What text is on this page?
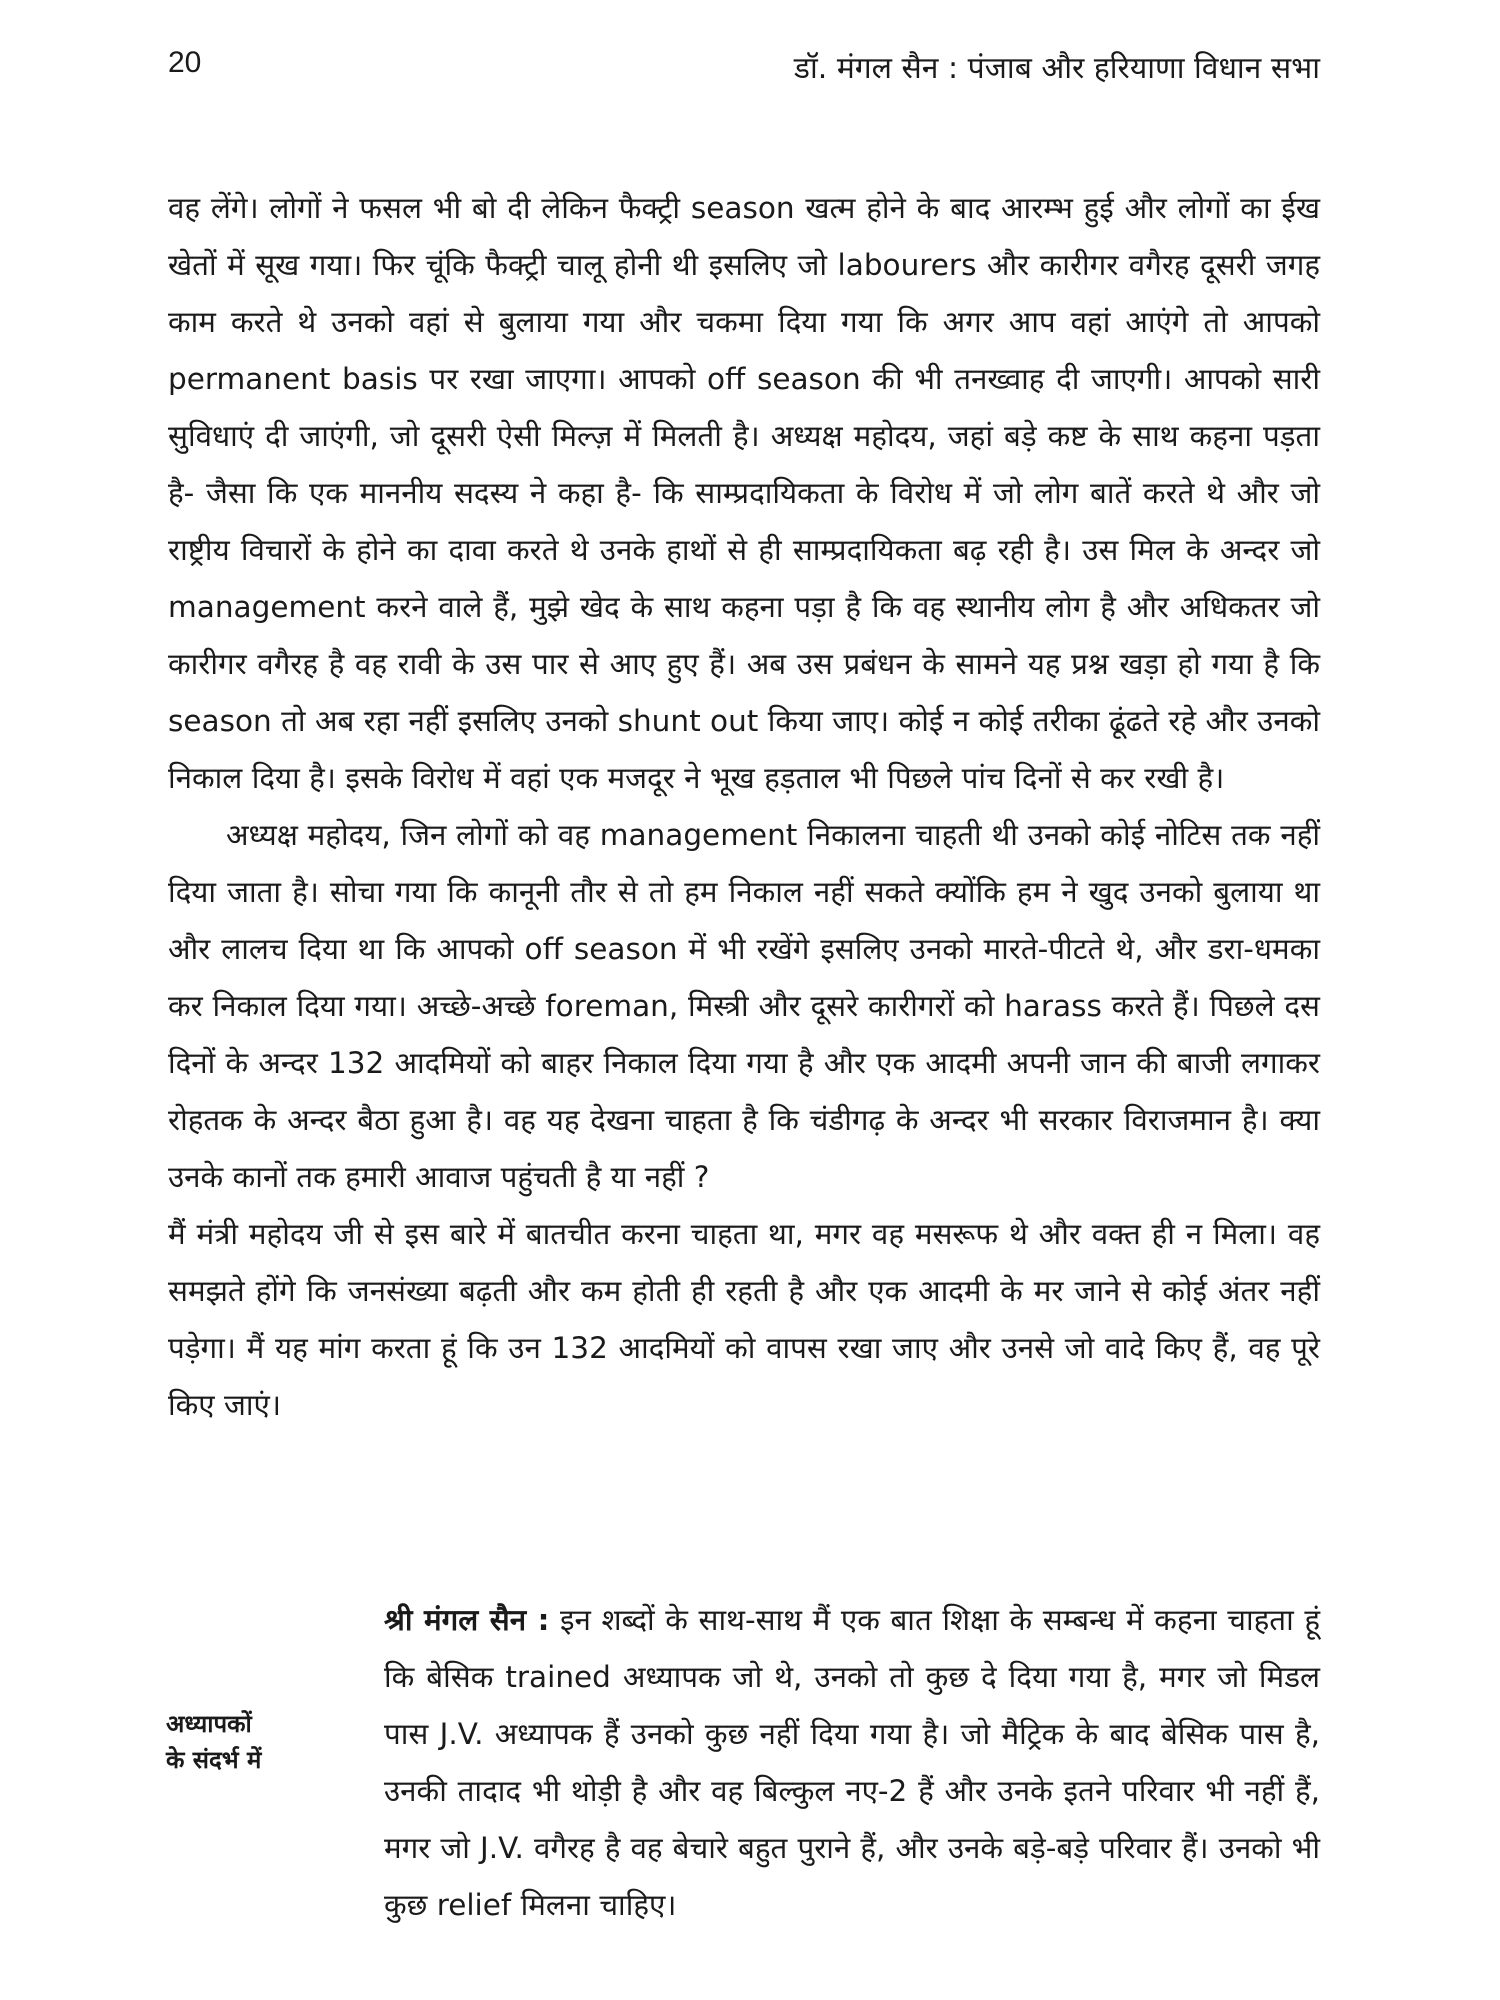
20	डॉ. मंगल सैन : पंजाब और हरियाणा विधान सभा

वह लेंगे। लोगों ने फसल भी बो दी लेकिन फैक्ट्री season खत्म होने के बाद आरम्भ हुई और लोगों का ईख खेतों में सूख गया। फिर चूंकि फैक्ट्री चालू होनी थी इसलिए जो labourers और कारीगर वगैरह दूसरी जगह काम करते थे उनको वहां से बुलाया गया और चकमा दिया गया कि अगर आप वहां आएंगे तो आपको permanent basis पर रखा जाएगा। आपको off season की भी तनख्वाह दी जाएगी। आपको सारी सुविधाएं दी जाएंगी, जो दूसरी ऐसी मिल्ज़ में मिलती है। अध्यक्ष महोदय, जहां बड़े कष्ट के साथ कहना पड़ता है- जैसा कि एक माननीय सदस्य ने कहा है- कि साम्प्रदायिकता के विरोध में जो लोग बातें करते थे और जो राष्ट्रीय विचारों के होने का दावा करते थे उनके हाथों से ही साम्प्रदायिकता बढ़ रही है। उस मिल के अन्दर जो management करने वाले हैं, मुझे खेद के साथ कहना पड़ा है कि वह स्थानीय लोग है और अधिकतर जो कारीगर वगैरह है वह रावी के उस पार से आए हुए हैं। अब उस प्रबंधन के सामने यह प्रश्न खड़ा हो गया है कि season तो अब रहा नहीं इसलिए उनको shunt out किया जाए। कोई न कोई तरीका ढूंढते रहे और उनको निकाल दिया है। इसके विरोध में वहां एक मजदूर ने भूख हड़ताल भी पिछले पांच दिनों से कर रखी है।

अध्यक्ष महोदय, जिन लोगों को वह management निकालना चाहती थी उनको कोई नोटिस तक नहीं दिया जाता है। सोचा गया कि कानूनी तौर से तो हम निकाल नहीं सकते क्योंकि हम ने खुद उनको बुलाया था और लालच दिया था कि आपको off season में भी रखेंगे इसलिए उनको मारते-पीटते थे, और डरा-धमका कर निकाल दिया गया। अच्छे-अच्छे foreman, मिस्त्री और दूसरे कारीगरों को harass करते हैं। पिछले दस दिनों के अन्दर 132 आदमियों को बाहर निकाल दिया गया है और एक आदमी अपनी जान की बाजी लगाकर रोहतक के अन्दर बैठा हुआ है। वह यह देखना चाहता है कि चंडीगढ़ के अन्दर भी सरकार विराजमान है। क्या उनके कानों तक हमारी आवाज पहुंचती है या नहीं ?

मैं मंत्री महोदय जी से इस बारे में बातचीत करना चाहता था, मगर वह मसरूफ थे और वक्त ही न मिला। वह समझते होंगे कि जनसंख्या बढ़ती और कम होती ही रहती है और एक आदमी के मर जाने से कोई अंतर नहीं पड़ेगा। मैं यह मांग करता हूं कि उन 132 आदमियों को वापस रखा जाए और उनसे जो वादे किए हैं, वह पूरे किए जाएं।

श्री मंगल सैन : इन शब्दों के साथ-साथ मैं एक बात शिक्षा के सम्बन्ध में कहना चाहता हूं कि बेसिक trained अध्यापक जो थे, उनको तो कुछ दे दिया गया है, मगर जो मिडल पास J.V. अध्यापक हैं उनको कुछ नहीं दिया गया है। जो मैट्रिक के बाद बेसिक पास है, उनकी तादाद भी थोड़ी है और वह बिल्कुल नए-2 हैं और उनके इतने परिवार भी नहीं हैं, मगर जो J.V. वगैरह है वह बेचारे बहुत पुराने हैं, और उनके बड़े-बड़े परिवार हैं। उनको भी कुछ relief मिलना चाहिए।

अध्यापकों
के संदर्भ में
